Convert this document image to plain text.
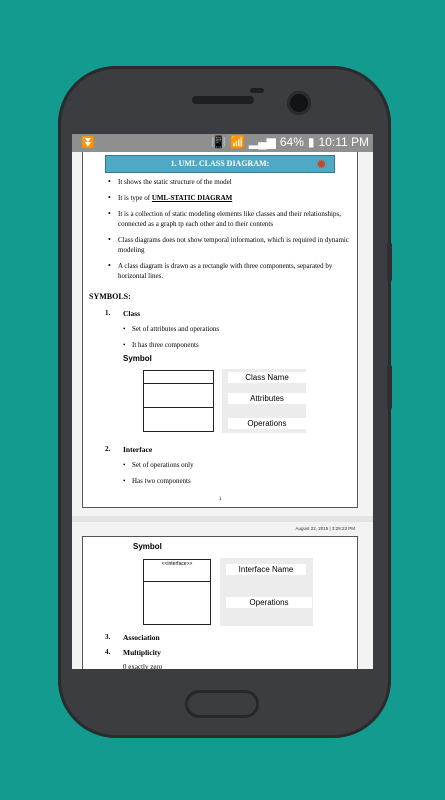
⏬	📳 📶 ▂▄▆ 64% ▮ 10:11 PM
1. UML CLASS DIAGRAM:	✹
• It shows the static structure of the model
• It is type of UML-STATIC DIAGRAM
• It is a collection of static modeling elements like classes and their relationships, connected as a graph tp each other and to their contents
• Class diagrams does not show temporal information, which is required in dynamic modeling
• A class diagram is drawn as a rectangle with three components, separated by horizontal lines.
SYMBOLS:
1. Class
• Set of attributes and operations
• It has three components
Symbol
Class Name
Attributes
Operations
2. Interface
• Set of operations only
• Has two components
1
August 22, 2015 | 3:28:23 PM
Symbol
<<interface>>
Interface Name
Operations
3. Association
4. Multiplicity
0 exactly zero
